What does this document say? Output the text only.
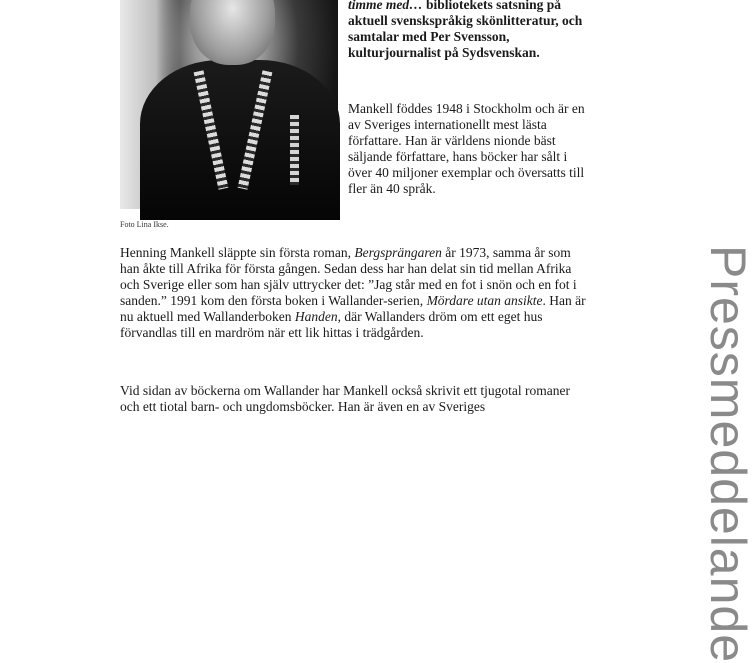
Foto Lina Ikse.
timme med… bibliotekets satsning på aktuell svenskspråkig skönlitteratur, och samtalar med Per Svensson, kulturjournalist på Sydsvenskan.
Mankell föddes 1948 i Stockholm och är en av Sveriges internationellt mest lästa författare. Han är världens nionde bäst säljande författare, hans böcker har sålt i över 40 miljoner exemplar och översatts till fler än 40 språk.
Pressmeddelande

Henning Mankell släppte sin första roman, Bergsprängaren år 1973, samma år som han åkte till Afrika för första gången. Sedan dess har han delat sin tid mellan Afrika och Sverige eller som han själv uttrycker det: ”Jag står med en fot i snön och en fot i sanden.” 1991 kom den första boken i Wallander-serien, Mördare utan ansikte. Han är nu aktuell med Wallanderboken Handen, där Wallanders dröm om ett eget hus förvandlas till en mardröm när ett lik hittas i trädgården.

Vid sidan av böckerna om Wallander har Mankell också skrivit ett tjugotal romaner och ett tiotal barn- och ungdomsböcker. Han är även en av Sveriges
